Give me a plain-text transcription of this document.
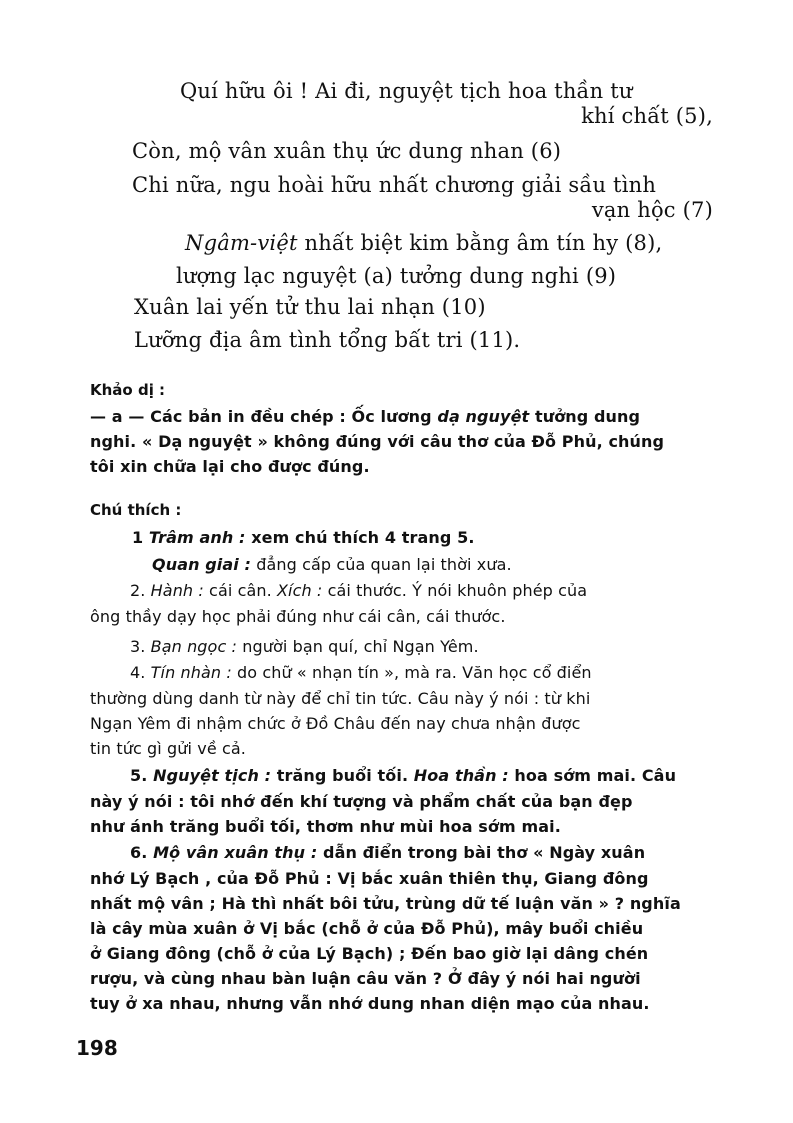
Quí hữu ôi ! Ai đi, nguyệt tịch hoa thần tư
khí chất (5),
Còn, mộ vân xuân thụ ức dung nhan (6)
Chi nữa, ngu hoài hữu nhất chương giải sầu tình
vạn hộc (7)
Ngâm-việt nhất biệt kim bằng âm tín hy (8),
lượng lạc nguyệt (a) tưởng dung nghi (9)
Xuân lai yến tử thu lai nhạn (10)
Lưỡng địa âm tình tổng bất tri (11).
Khảo dị :
— a — Các bản in đều chép : Ốc lương dạ nguyệt tưởng dung
nghi. « Dạ nguyệt » không đúng với câu thơ của Đỗ Phủ, chúng
tôi xin chữa lại cho được đúng.
Chú thích :
1 Trâm anh : xem chú thích 4 trang 5.
Quan giai : đẳng cấp của quan lại thời xưa.
2. Hành : cái cân. Xích : cái thước. Ý nói khuôn phép của
ông thầy dạy học phải đúng như cái cân, cái thước.
3. Bạn ngọc : người bạn quí, chỉ Ngạn Yêm.
4. Tín nhàn : do chữ « nhạn tín », mà ra. Văn học cổ điển
thường dùng danh từ này để chỉ tin tức. Câu này ý nói : từ khi
Ngạn Yêm đi nhậm chức ở Đồ Châu đến nay chưa nhận được
tin tức gì gửi về cả.
5. Nguyệt tịch : trăng buổi tối. Hoa thần : hoa sớm mai. Câu
này ý nói : tôi nhớ đến khí tượng và phẩm chất của bạn đẹp
như ánh trăng buổi tối, thơm như mùi hoa sớm mai.
6. Mộ vân xuân thụ : dẫn điển trong bài thơ « Ngày xuân
nhớ Lý Bạch , của Đỗ Phủ : Vị bắc xuân thiên thụ, Giang đông
nhất mộ vân ; Hà thì nhất bôi tửu, trùng dữ tế luận văn » ? nghĩa
là cây mùa xuân ở Vị bắc (chỗ ở của Đỗ Phủ), mây buổi chiều
ở Giang đông (chỗ ở của Lý Bạch) ; Đến bao giờ lại dâng chén
rượu, và cùng nhau bàn luận câu văn ? Ở đây ý nói hai người
tuy ở xa nhau, nhưng vẫn nhớ dung nhan diện mạo của nhau.
198
